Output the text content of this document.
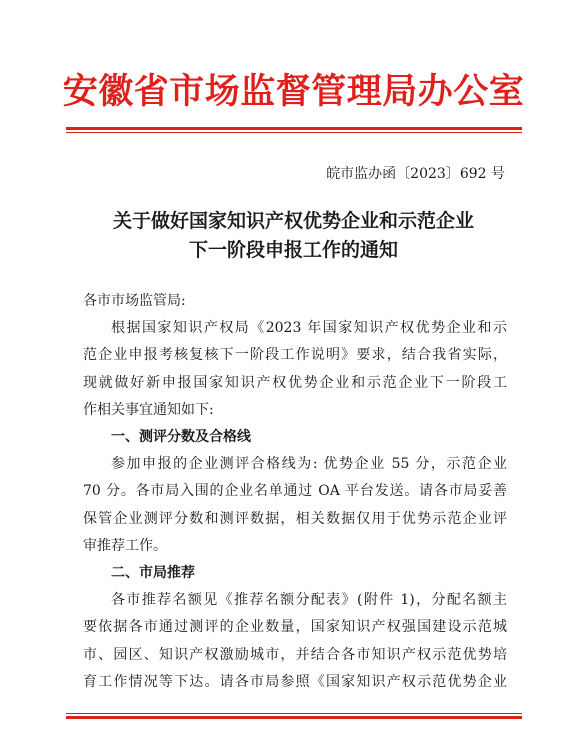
安徽省市场监督管理局办公室
皖市监办函〔2023〕692 号
关于做好国家知识产权优势企业和示范企业
下一阶段申报工作的通知
各市市场监管局:
根据国家知识产权局《2023 年国家知识产权优势企业和示
范企业申报考核复核下一阶段工作说明》要求，结合我省实际，
现就做好新申报国家知识产权优势企业和示范企业下一阶段工
作相关事宜通知如下:
一、测评分数及合格线
参加申报的企业测评合格线为: 优势企业 55 分，示范企业
70 分。各市局入围的企业名单通过 OA 平台发送。请各市局妥善
保管企业测评分数和测评数据，相关数据仅用于优势示范企业评
审推荐工作。
二、市局推荐
各市推荐名额见《推荐名额分配表》(附件 1)，分配名额主
要依据各市通过测评的企业数量，国家知识产权强国建设示范城
市、园区、知识产权激励城市，并结合各市知识产权示范优势培
育工作情况等下达。请各市局参照《国家知识产权示范优势企业
